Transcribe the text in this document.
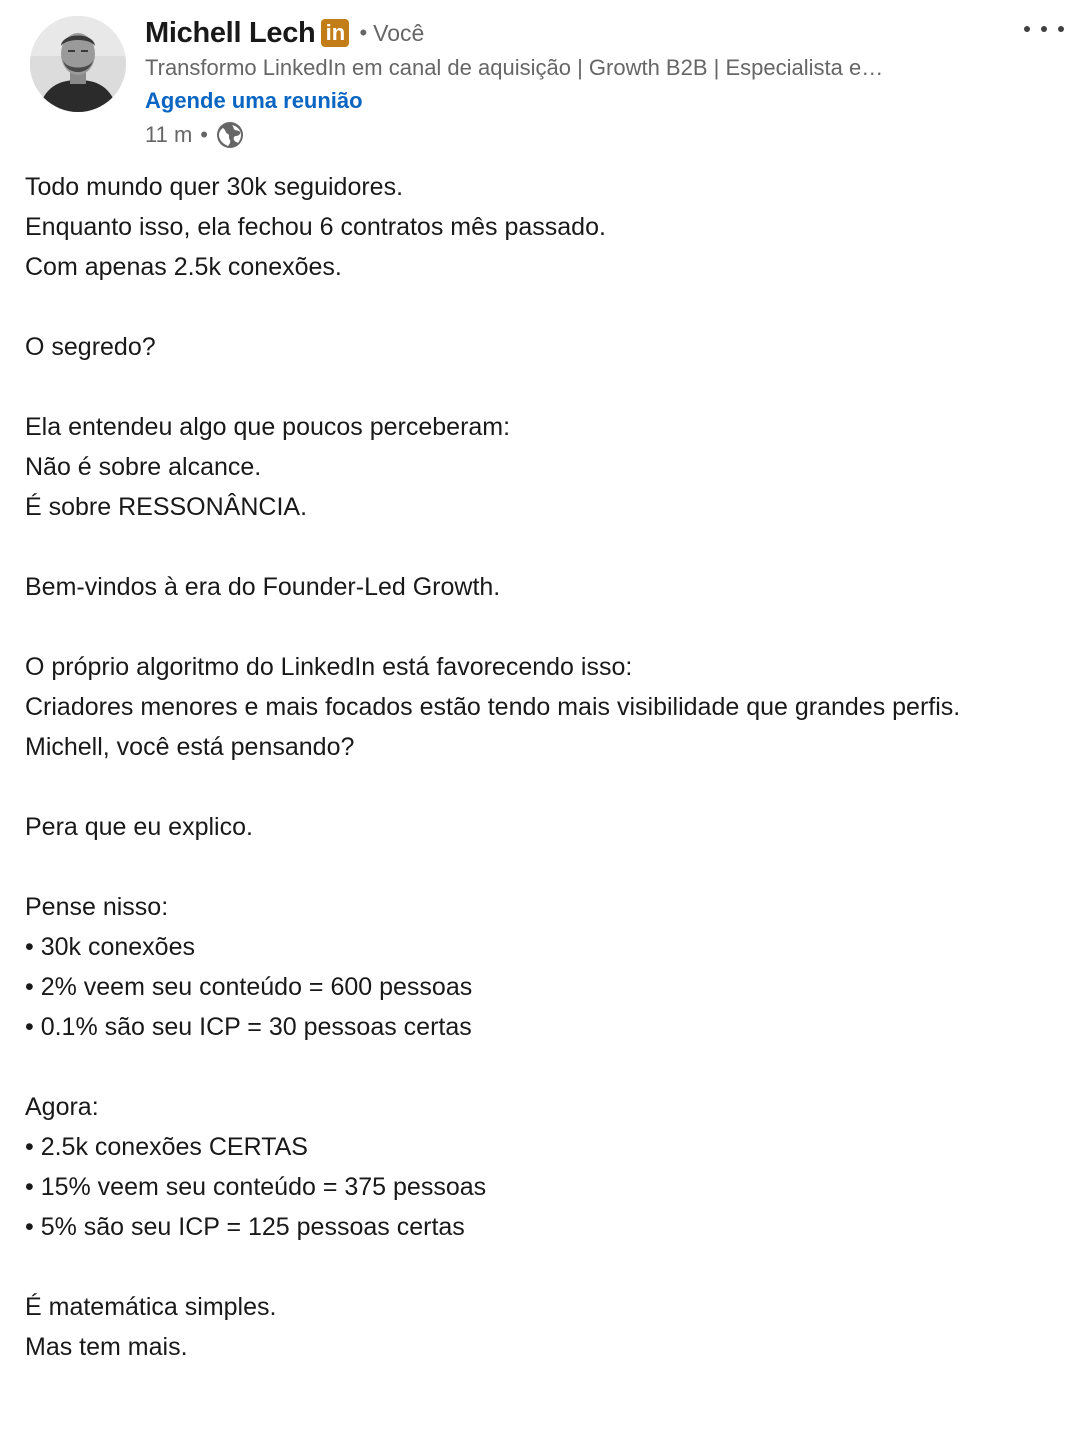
Michell Lech in • Você
Transformo LinkedIn em canal de aquisição | Growth B2B | Especialista e…
Agende uma reunião
11 m •

Todo mundo quer 30k seguidores.

Enquanto isso, ela fechou 6 contratos mês passado.

Com apenas 2.5k conexões.

O segredo?

Ela entendeu algo que poucos perceberam:

Não é sobre alcance.

É sobre RESSONÂNCIA.

Bem-vindos à era do Founder-Led Growth.

O próprio algoritmo do LinkedIn está favorecendo isso:

Criadores menores e mais focados estão tendo mais visibilidade que grandes perfis.

Michell, você está pensando?

Pera que eu explico.

Pense nisso:

• 30k conexões

• 2% veem seu conteúdo = 600 pessoas

• 0.1% são seu ICP = 30 pessoas certas

Agora:

• 2.5k conexões CERTAS

• 15% veem seu conteúdo = 375 pessoas

• 5% são seu ICP = 125 pessoas certas

É matemática simples.

Mas tem mais.
